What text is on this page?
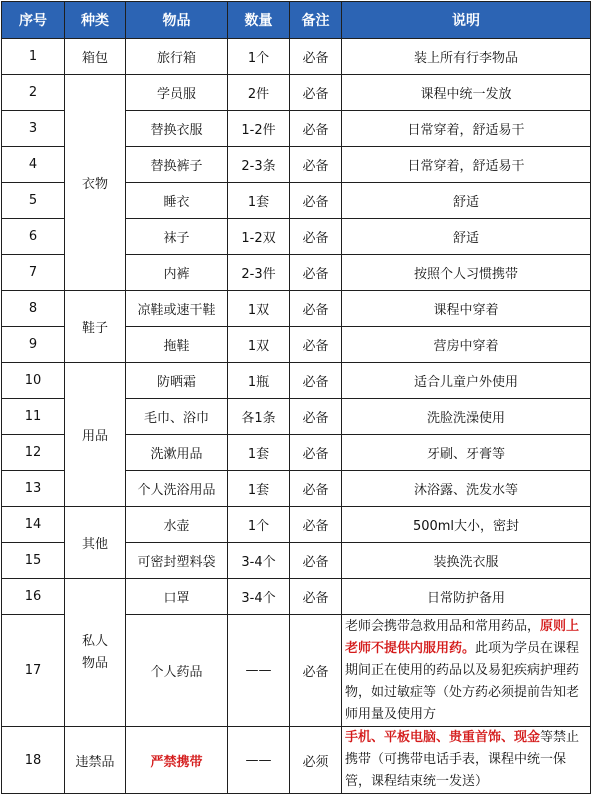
序号	种类	物品	数量	备注	说明
1	箱包	旅行箱	1个	必备	装上所有行李物品
2	衣物	学员服	2件	必备	课程中统一发放
3		替换衣服	1-2件	必备	日常穿着，舒适易干
4		替换裤子	2-3条	必备	日常穿着，舒适易干
5		睡衣	1套	必备	舒适
6		袜子	1-2双	必备	舒适
7		内裤	2-3件	必备	按照个人习惯携带
8	鞋子	凉鞋或速干鞋	1双	必备	课程中穿着
9		拖鞋	1双	必备	营房中穿着
10	用品	防晒霜	1瓶	必备	适合儿童户外使用
11		毛巾、浴巾	各1条	必备	洗脸洗澡使用
12		洗漱用品	1套	必备	牙刷、牙膏等
13		个人洗浴用品	1套	必备	沐浴露、洗发水等
14	其他	水壶	1个	必备	500ml大小，密封
15		可密封塑料袋	3-4个	必备	装换洗衣服
16	私人物品	口罩	3-4个	必备	日常防护备用
17		个人药品	——	必备	老师会携带急救用品和常用药品，原则上老师不提供内服用药。此项为学员在课程期间正在使用的药品以及易犯疾病护理药物，如过敏症等（处方药必须提前告知老师用量及使用方
18	违禁品	严禁携带	——	必须	手机、平板电脑、贵重首饰、现金等禁止携带（可携带电话手表，课程中统一保管，课程结束统一发送）
